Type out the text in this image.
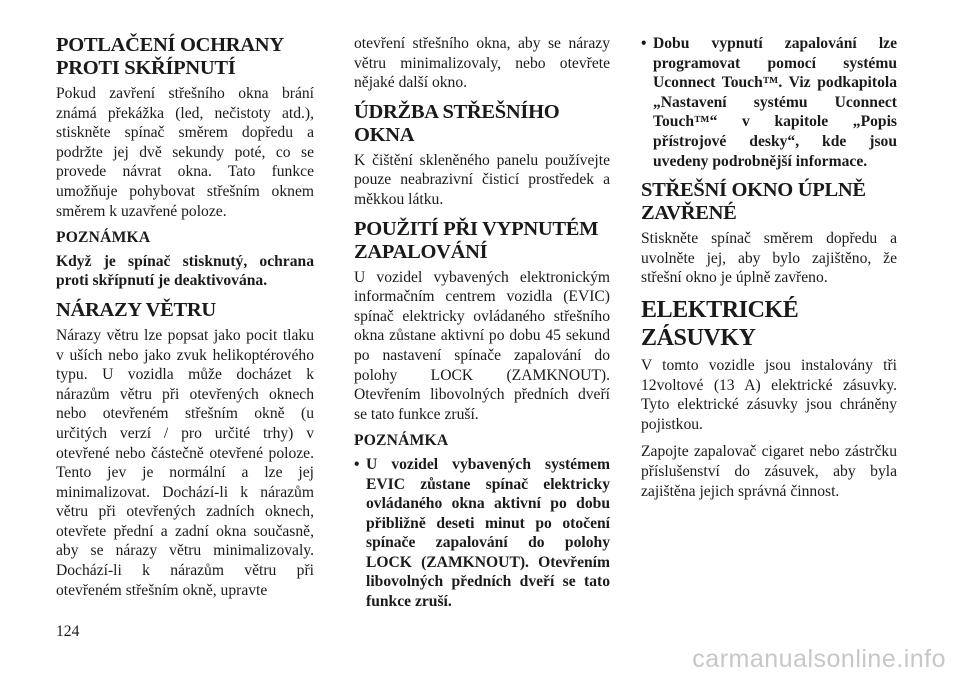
POTLAČENÍ OCHRANY PROTI SKŘÍPNUTÍ

Pokud zavření střešního okna brání známá překážka (led, nečistoty atd.), stiskněte spínač směrem dopředu a podržte jej dvě sekundy poté, co se provede návrat okna. Tato funkce umožňuje pohybovat střešním oknem směrem k uzavřené poloze.

POZNÁMKA

Když je spínač stisknutý, ochrana proti skřípnutí je deaktivována.

NÁRAZY VĚTRU

Nárazy větru lze popsat jako pocit tlaku v uších nebo jako zvuk helikoptérového typu. U vozidla může docházet k nárazům větru při otevřených oknech nebo otevřeném střešním okně (u určitých verzí / pro určité trhy) v otevřené nebo částečně otevřené poloze. Tento jev je normální a lze jej minimalizovat. Dochází-li k nárazům větru při otevřených zadních oknech, otevřete přední a zadní okna současně, aby se nárazy větru minimalizovaly. Dochází-li k nárazům větru při otevřeném střešním okně, upravte

otevření střešního okna, aby se nárazy větru minimalizovaly, nebo otevřete nějaké další okno.

ÚDRŽBA STŘEŠNÍHO OKNA

K čištění skleněného panelu používejte pouze neabrazivní čisticí prostředek a měkkou látku.

POUŽITÍ PŘI VYPNUTÉM ZAPALOVÁNÍ

U vozidel vybavených elektronickým informačním centrem vozidla (EVIC) spínač elektricky ovládaného střešního okna zůstane aktivní po dobu 45 sekund po nastavení spínače zapalování do polohy LOCK (ZAMKNOUT). Otevřením libovolných předních dveří se tato funkce zruší.

POZNÁMKA
• U vozidel vybavených systémem EVIC zůstane spínač elektricky ovládaného okna aktivní po dobu přibližně deseti minut po otočení spínače zapalování do polohy LOCK (ZAMKNOUT). Otevřením libovolných předních dveří se tato funkce zruší.
• Dobu vypnutí zapalování lze programovat pomocí systému Uconnect Touch™. Viz podkapitola „Nastavení systému Uconnect Touch™“ v kapitole „Popis přístrojové desky“, kde jsou uvedeny podrobnější informace.
STŘEŠNÍ OKNO ÚPLNĚ ZAVŘENÉ

Stiskněte spínač směrem dopředu a uvolněte jej, aby bylo zajištěno, že střešní okno je úplně zavřeno.

ELEKTRICKÉ ZÁSUVKY

V tomto vozidle jsou instalovány tři 12voltové (13 A) elektrické zásuvky. Tyto elektrické zásuvky jsou chráněny pojistkou.

Zapojte zapalovač cigaret nebo zástrčku příslušenství do zásuvek, aby byla zajištěna jejich správná činnost.

124
carmanualsonline.info
